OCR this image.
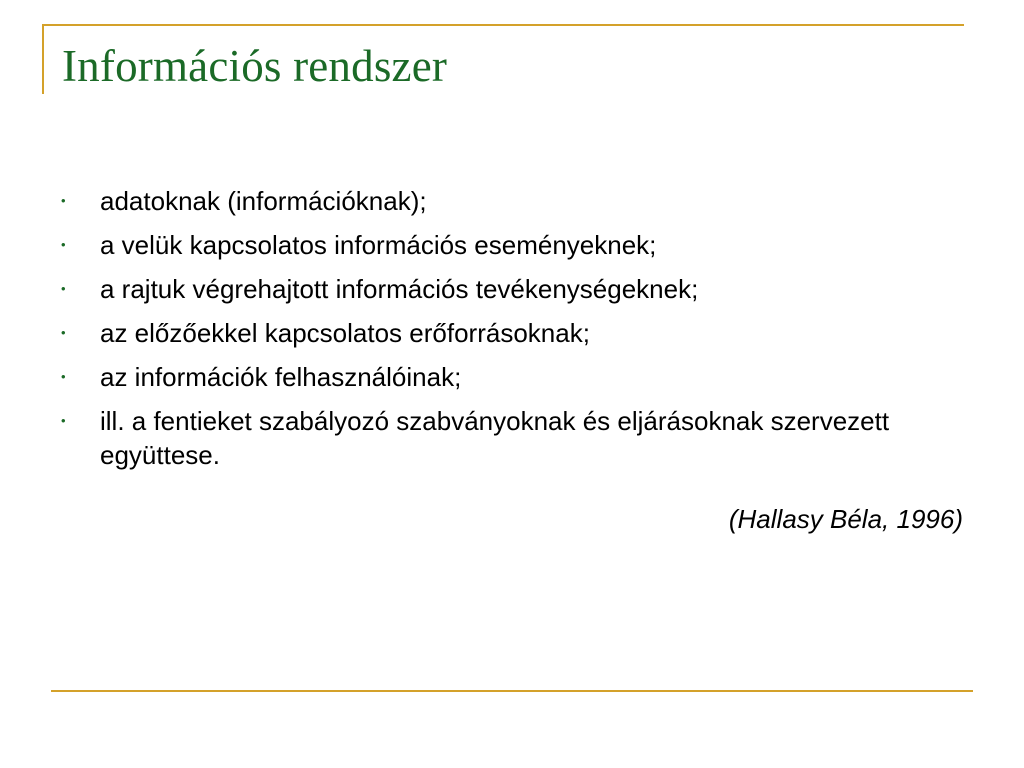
Információs rendszer
•	adatoknak (információknak);
•	a velük kapcsolatos információs eseményeknek;
•	a rajtuk végrehajtott információs tevékenységeknek;
•	az előzőekkel kapcsolatos erőforrásoknak;
•	az információk felhasználóinak;
•	ill. a fentieket szabályozó szabványoknak és eljárásoknak szervezett együttese.

(Hallasy Béla, 1996)
